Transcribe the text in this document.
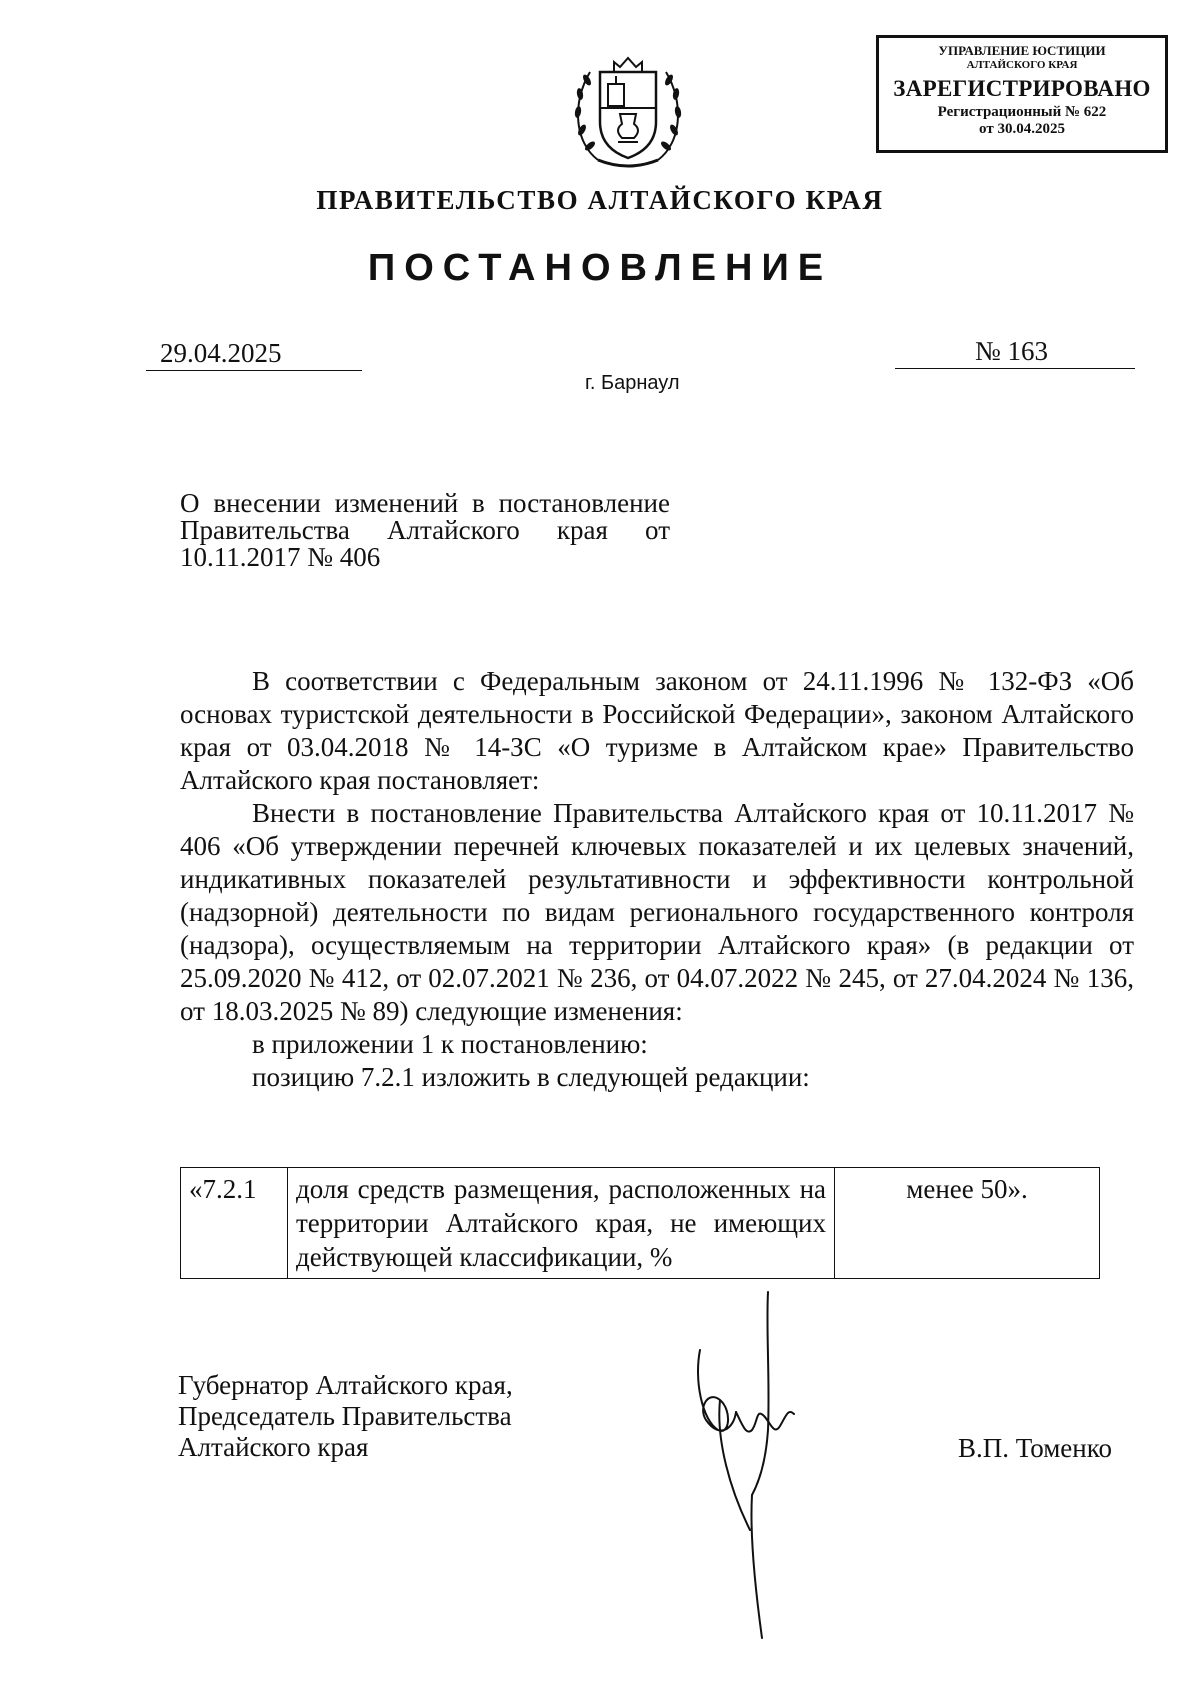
УПРАВЛЕНИЕ ЮСТИЦИИ
АЛТАЙСКОГО КРАЯ
ЗАРЕГИСТРИРОВАНО
Регистрационный № 622
от 30.04.2025
ПРАВИТЕЛЬСТВО АЛТАЙСКОГО КРАЯ
ПОСТАНОВЛЕНИЕ
29.04.2025	№ 163
г. Барнаул
О внесении изменений в постановление
Правительства Алтайского края от
10.11.2017 № 406

В соответствии с Федеральным законом от 24.11.1996 № 132-ФЗ «Об основах туристской деятельности в Российской Федерации», законом Алтайского края от 03.04.2018 № 14-ЗС «О туризме в Алтайском крае» Правительство Алтайского края постановляет:

Внести в постановление Правительства Алтайского края от 10.11.2017 № 406 «Об утверждении перечней ключевых показателей и их целевых значений, индикативных показателей результативности и эффективности контрольной (надзорной) деятельности по видам регионального государственного контроля (надзора), осуществляемым на территории Алтайского края» (в редакции от 25.09.2020 № 412, от 02.07.2021 № 236, от 04.07.2022 № 245, от 27.04.2024 № 136, от 18.03.2025 № 89) следующие изменения:

в приложении 1 к постановлению:

позицию 7.2.1 изложить в следующей редакции:

«7.2.1	доля средств размещения, расположенных на территории Алтайского края, не имеющих действующей классификации, %	менее 50».
Губернатор Алтайского края,
Председатель Правительства
Алтайского края	В.П. Томенко
